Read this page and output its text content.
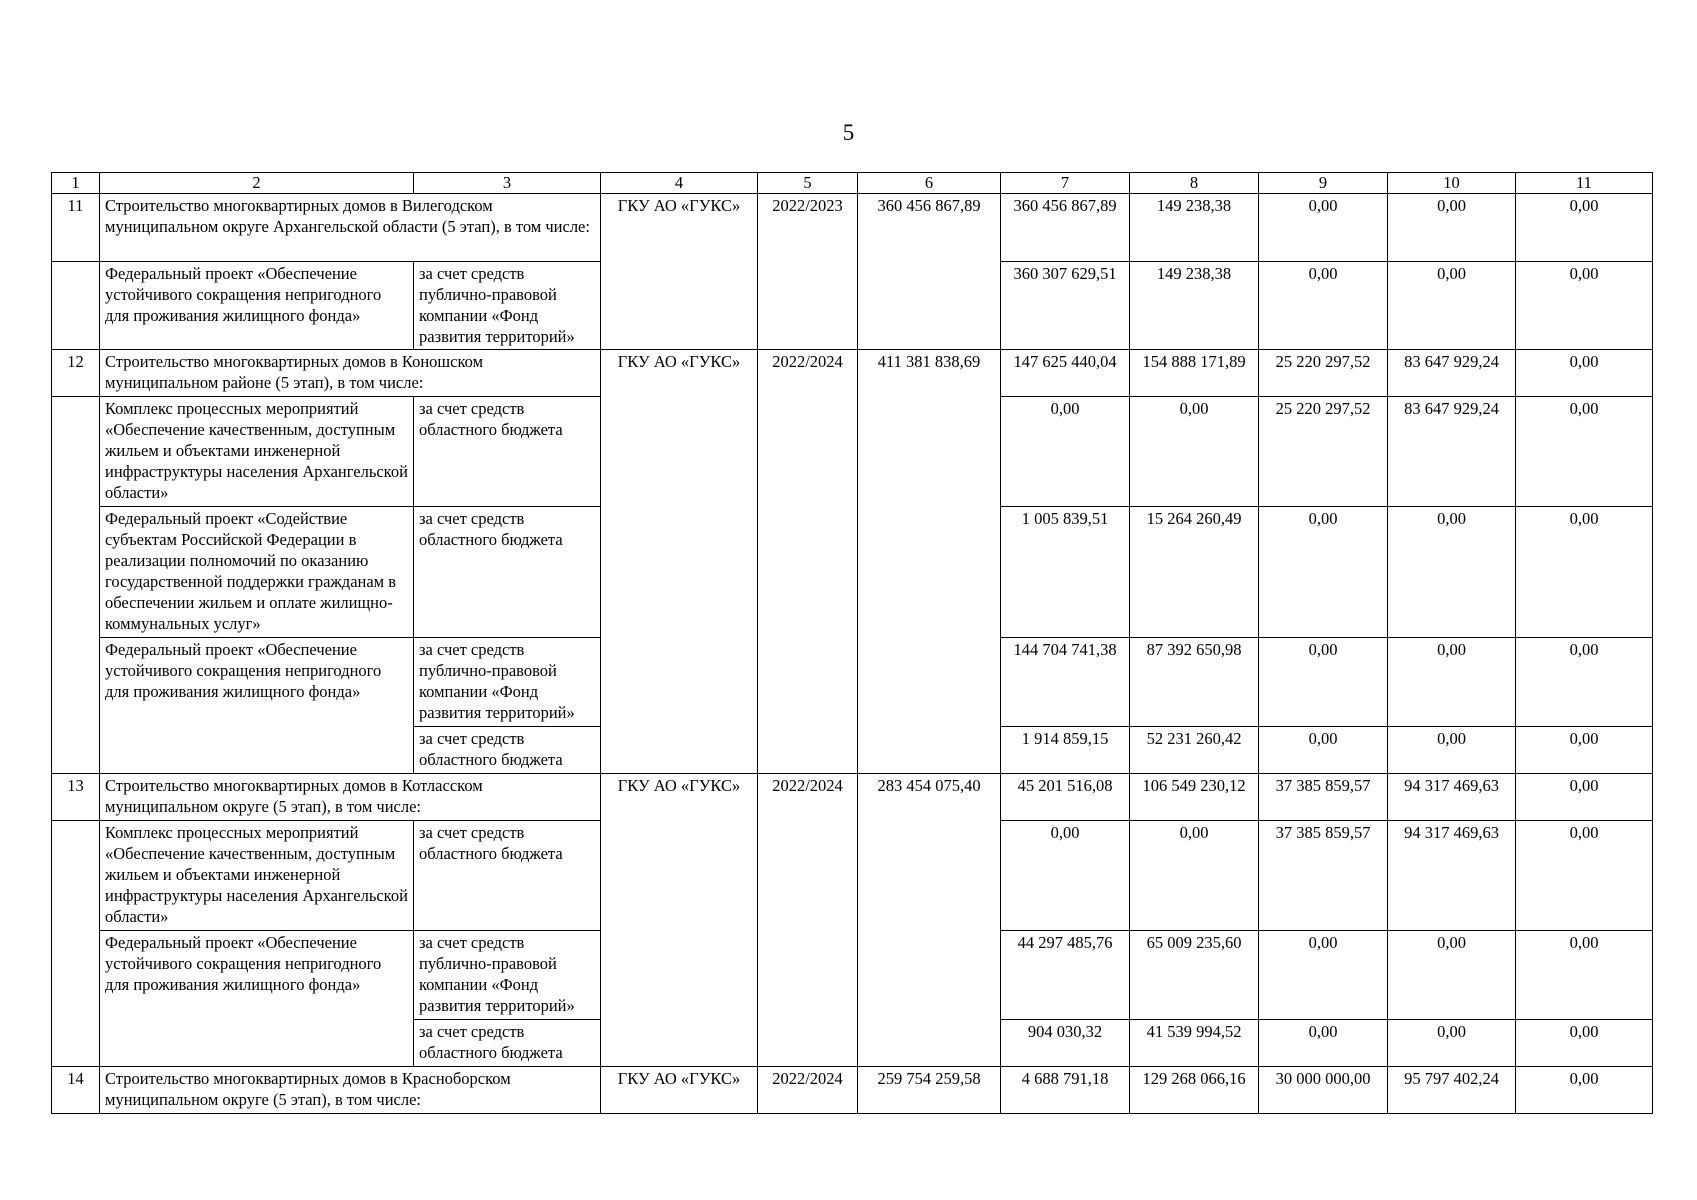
5
1	2	3	4	5	6	7	8	9	10	11
11	Строительство многоквартирных домов в Вилегодском муниципальном округе Архангельской области (5 этап), в том числе:		ГКУ АО «ГУКС»	2022/2023	360 456 867,89	360 456 867,89	149 238,38	0,00	0,00	0,00
	Федеральный проект «Обеспечение устойчивого сокращения непригодного для проживания жилищного фонда»	за счет средств публично-правовой компании «Фонд развития территорий»				360 307 629,51	149 238,38	0,00	0,00	0,00
12	Строительство многоквартирных домов в Коношском муниципальном районе (5 этап), в том числе:		ГКУ АО «ГУКС»	2022/2024	411 381 838,69	147 625 440,04	154 888 171,89	25 220 297,52	83 647 929,24	0,00
	Комплекс процессных мероприятий «Обеспечение качественным, доступным жильем и объектами инженерной инфраструктуры населения Архангельской области»	за счет средств областного бюджета				0,00	0,00	25 220 297,52	83 647 929,24	0,00
	Федеральный проект «Содействие субъектам Российской Федерации в реализации полномочий по оказанию государственной поддержки гражданам в обеспечении жильем и оплате жилищно-коммунальных услуг»	за счет средств областного бюджета				1 005 839,51	15 264 260,49	0,00	0,00	0,00
	Федеральный проект «Обеспечение устойчивого сокращения непригодного для проживания жилищного фонда»	за счет средств публично-правовой компании «Фонд развития территорий»				144 704 741,38	87 392 650,98	0,00	0,00	0,00
		за счет средств областного бюджета				1 914 859,15	52 231 260,42	0,00	0,00	0,00
13	Строительство многоквартирных домов в Котласском муниципальном округе (5 этап), в том числе:		ГКУ АО «ГУКС»	2022/2024	283 454 075,40	45 201 516,08	106 549 230,12	37 385 859,57	94 317 469,63	0,00
	Комплекс процессных мероприятий «Обеспечение качественным, доступным жильем и объектами инженерной инфраструктуры населения Архангельской области»	за счет средств областного бюджета				0,00	0,00	37 385 859,57	94 317 469,63	0,00
	Федеральный проект «Обеспечение устойчивого сокращения непригодного для проживания жилищного фонда»	за счет средств публично-правовой компании «Фонд развития территорий»				44 297 485,76	65 009 235,60	0,00	0,00	0,00
		за счет средств областного бюджета				904 030,32	41 539 994,52	0,00	0,00	0,00
14	Строительство многоквартирных домов в Красноборском муниципальном округе (5 этап), в том числе:		ГКУ АО «ГУКС»	2022/2024	259 754 259,58	4 688 791,18	129 268 066,16	30 000 000,00	95 797 402,24	0,00
